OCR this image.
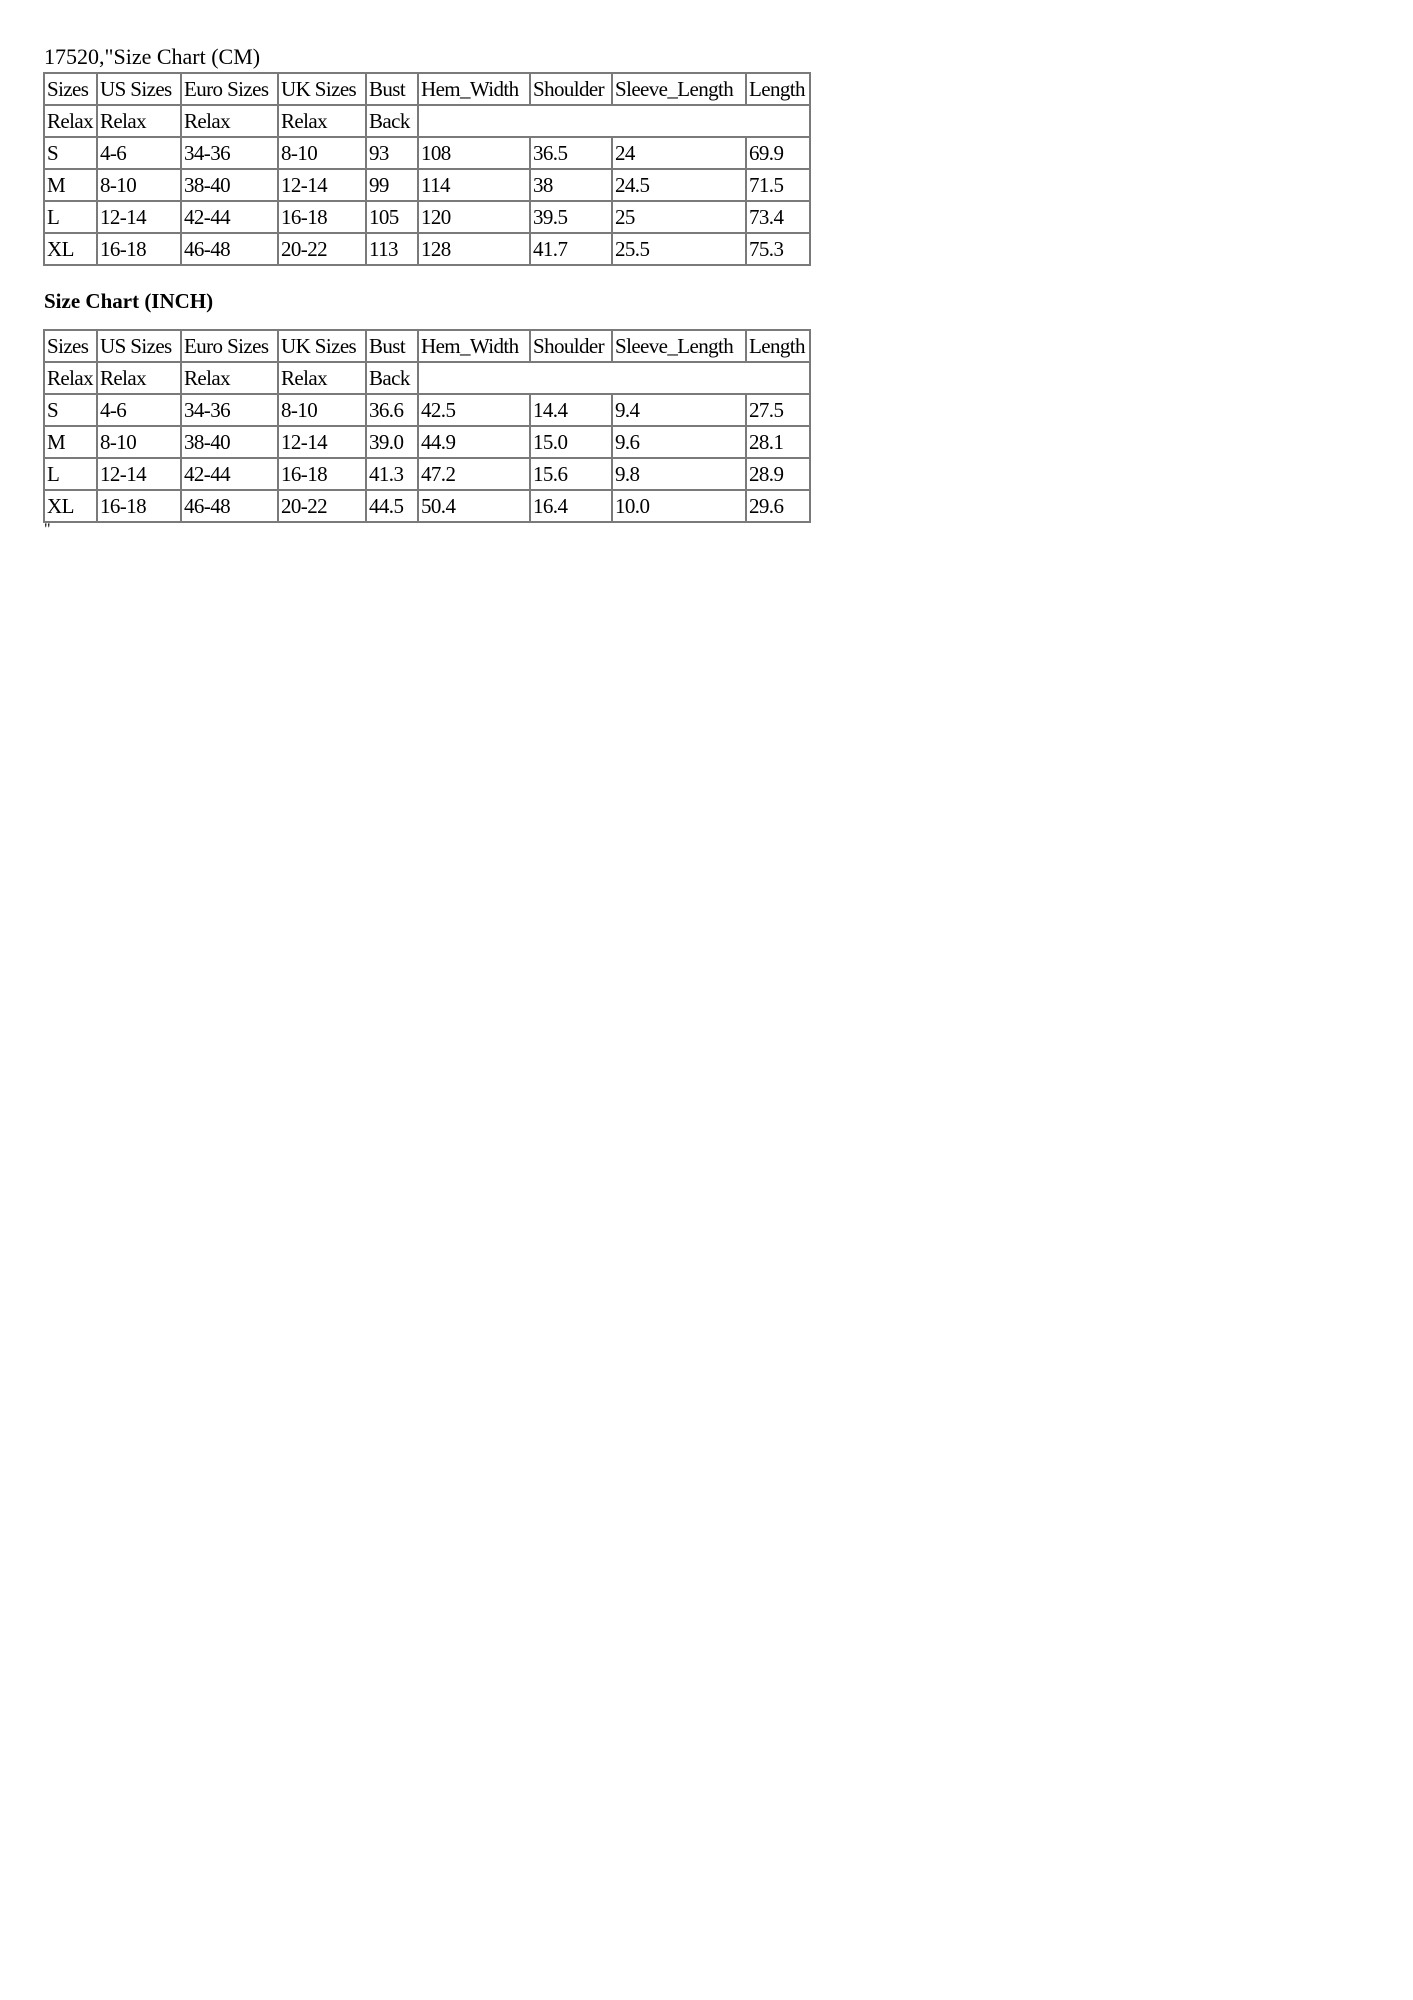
17520,"Size Chart (CM)
Sizes	US Sizes	Euro Sizes	UK Sizes	Bust	Hem_Width	Shoulder	Sleeve_Length	Length
Relax	Relax	Relax	Relax	Back				
S	4-6	34-36	8-10	93	108	36.5	24	69.9
M	8-10	38-40	12-14	99	114	38	24.5	71.5
L	12-14	42-44	16-18	105	120	39.5	25	73.4
XL	16-18	46-48	20-22	113	128	41.7	25.5	75.3
Size Chart (INCH)
Sizes	US Sizes	Euro Sizes	UK Sizes	Bust	Hem_Width	Shoulder	Sleeve_Length	Length
Relax	Relax	Relax	Relax	Back				
S	4-6	34-36	8-10	36.6	42.5	14.4	9.4	27.5
M	8-10	38-40	12-14	39.0	44.9	15.0	9.6	28.1
L	12-14	42-44	16-18	41.3	47.2	15.6	9.8	28.9
XL	16-18	46-48	20-22	44.5	50.4	16.4	10.0	29.6
"
